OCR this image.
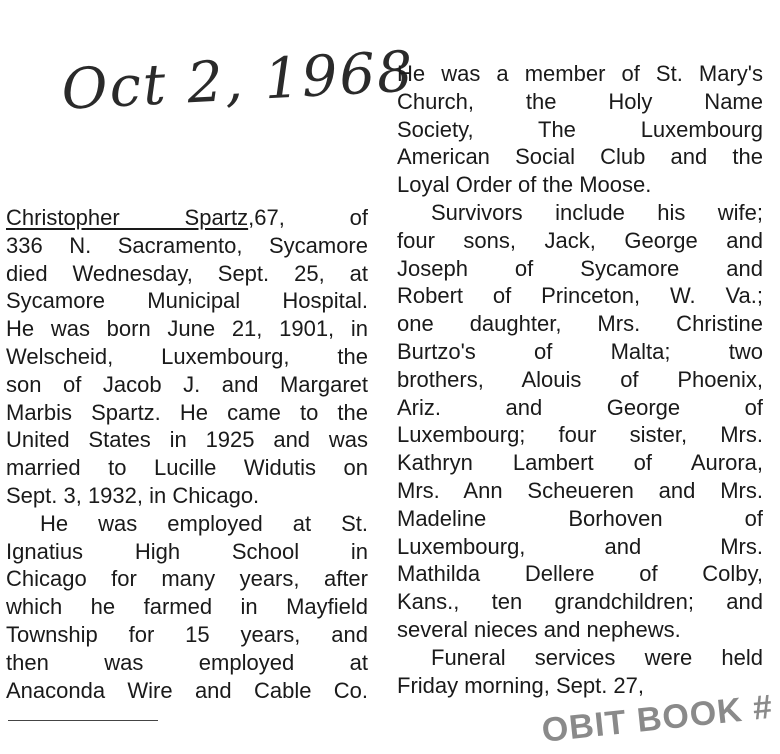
Oct 2, 1968
Christopher Spartz,67, of
336 N. Sacramento, Sycamore
died Wednesday, Sept. 25, at
Sycamore Municipal Hospital.
He was born June 21, 1901, in
Welscheid, Luxembourg, the
son of Jacob J. and Margaret
Marbis Spartz. He came to the
United States in 1925 and was
married to Lucille Widutis on
Sept. 3, 1932, in Chicago.
He was employed at St.
Ignatius High School in
Chicago for many years, after
which he farmed in Mayfield
Township for 15 years, and
then was employed at
Anaconda Wire and Cable Co.
He was a member of St. Mary's
Church, the Holy Name
Society, The Luxembourg
American Social Club and the
Loyal Order of the Moose.
Survivors include his wife;
four sons, Jack, George and
Joseph of Sycamore and
Robert of Princeton, W. Va.;
one daughter, Mrs. Christine
Burtzo's of Malta; two
brothers, Alouis of Phoenix,
Ariz. and George of
Luxembourg; four sister, Mrs.
Kathryn Lambert of Aurora,
Mrs. Ann Scheueren and Mrs.
Madeline Borhoven of
Luxembourg, and Mrs.
Mathilda Dellere of Colby,
Kans., ten grandchildren; and
several nieces and nephews.
Funeral services were held
Friday morning, Sept. 27,
OBIT BOOK #
